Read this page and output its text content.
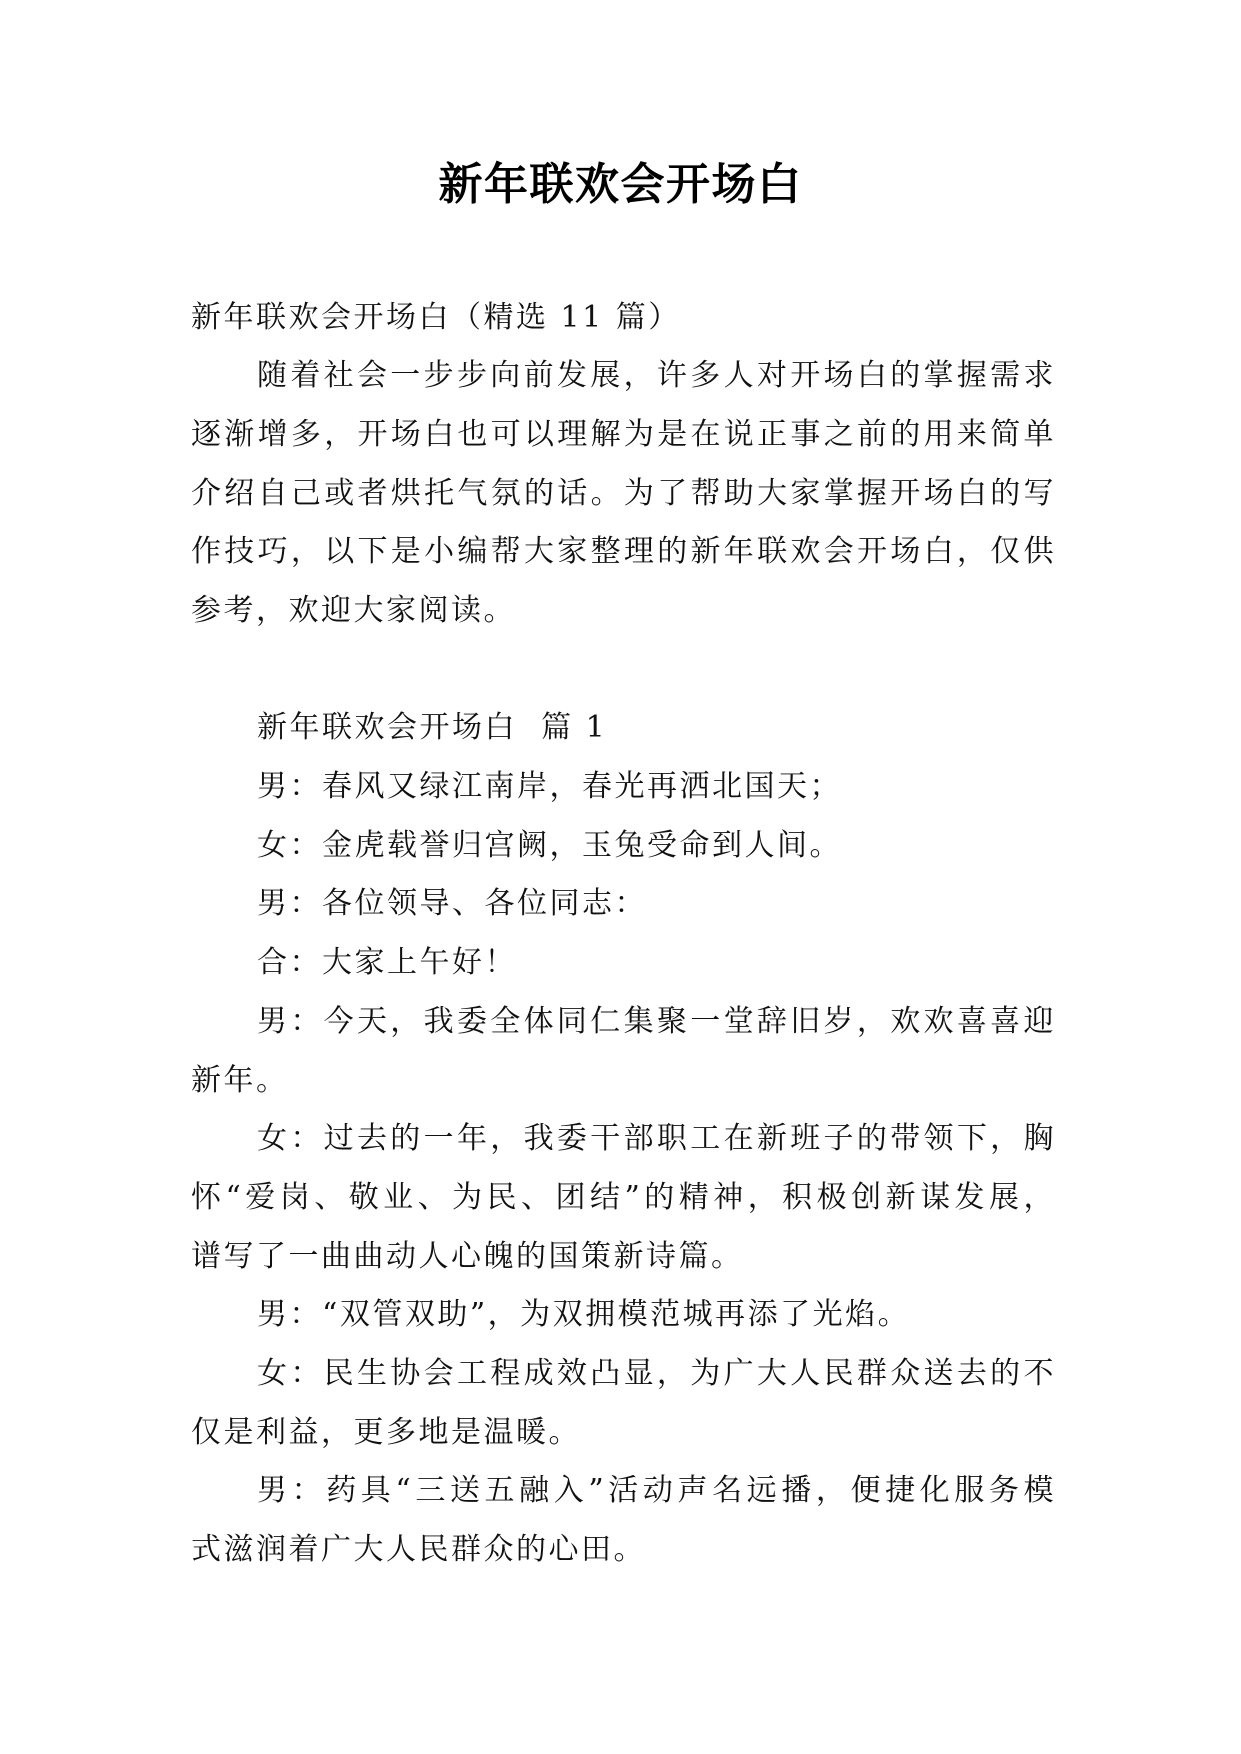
新年联欢会开场白
新年联欢会开场白（精选 11 篇）
随着社会一步步向前发展，许多人对开场白的掌握需求
逐渐增多，开场白也可以理解为是在说正事之前的用来简单
介绍自己或者烘托气氛的话。为了帮助大家掌握开场白的写
作技巧，以下是小编帮大家整理的新年联欢会开场白，仅供
参考，欢迎大家阅读。
新年联欢会开场白  篇 1
男：春风又绿江南岸，春光再洒北国天；
女：金虎载誉归宫阙，玉兔受命到人间。
男：各位领导、各位同志：
合：大家上午好！
男：今天，我委全体同仁集聚一堂辞旧岁，欢欢喜喜迎
新年。
女：过去的一年，我委干部职工在新班子的带领下，胸
怀“爱岗、敬业、为民、团结”的精神，积极创新谋发展，
谱写了一曲曲动人心魄的国策新诗篇。
男：“双管双助”，为双拥模范城再添了光焰。
女：民生协会工程成效凸显，为广大人民群众送去的不
仅是利益，更多地是温暖。
男：药具“三送五融入”活动声名远播，便捷化服务模
式滋润着广大人民群众的心田。
